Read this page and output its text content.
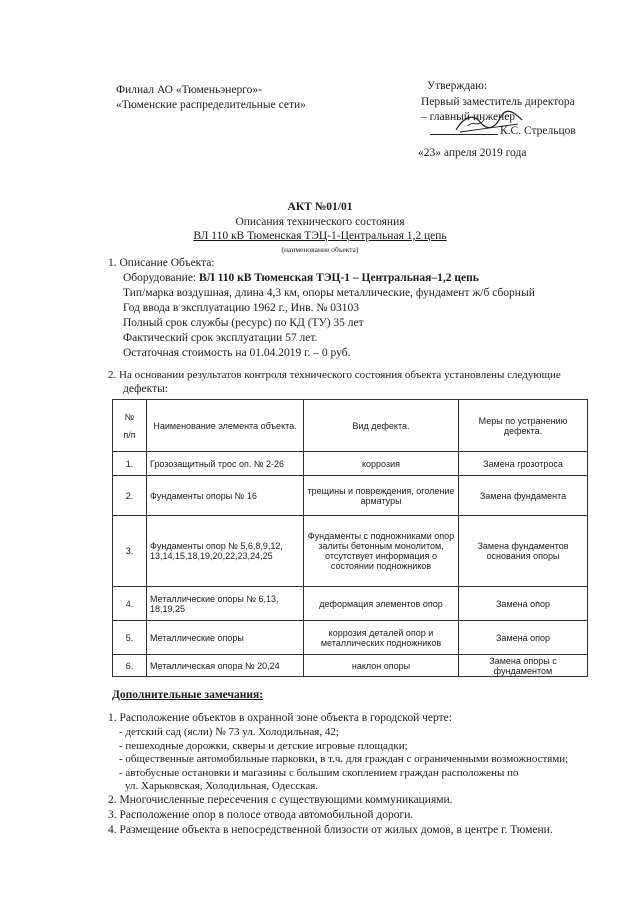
Филиал АО «Тюменьэнерго»-
«Тюменские распределительные сети»
Утверждаю:
Первый заместитель директора
– главный инженер
К.С. Стрельцов
«23» апреля 2019 года
АКТ №01/01
Описания технического состояния
ВЛ 110 кВ Тюменская ТЭЦ-1-Центральная 1,2 цепь
(наименование объекта)
1. Описание Объекта:
Оборудование: ВЛ 110 кВ Тюменская ТЭЦ-1 – Центральная–1,2 цепь
Тип/марка воздушная, длина 4,3 км, опоры металлические, фундамент ж/б сборный
Год ввода в эксплуатацию 1962 г., Инв. № 03103
Полный срок службы (ресурс) по КД (ТУ) 35 лет
Фактический срок эксплуатации 57 лет.
Остаточная стоимость на 01.04.2019 г. – 0 руб.
2. На основании результатов контроля технического состояния объекта установлены следующие
дефекты:
№
п/п	Наименование элемента объекта.	Вид дефекта.	Меры по устранению дефекта.
1.	Грозозащитный трос оп. № 2-26	коррозия	Замена грозотроса
2.	Фундаменты опоры № 16	трещины и повреждения, оголение арматуры	Замена фундамента
3.	Фундаменты опор № 5,6,8,9,12, 13,14,15,18,19,20,22,23,24,25	Фундаменты с подножниками опор залиты бетонным монолитом, отсутствует информация о состоянии подножников	Замена фундаментов основания опоры
4.	Металлические опоры № 6,13, 18,19,25	деформация элементов опор	Замена опор
5.	Металлические опоры	коррозия деталей опор и металлических подножников	Замена опор
6.	Металлическая опора № 20,24	наклон опоры	Замена опоры с фундаментом
Дополнительные замечания:
1. Расположение объектов в охранной зоне объекта в городской черте:
- детский сад (ясли) № 73 ул. Холодильная, 42;
- пешеходные дорожки, скверы и детские игровые площадки;
- общественные автомобильные парковки, в т.ч. для граждан с ограниченными возможностями;
- автобусные остановки и магазины с большим скоплением граждан расположены по
ул. Харьковская, Холодильная, Одесская.
2. Многочисленные пересечения с существующими коммуникациями.
3. Расположение опор в полосе отвода автомобильной дороги.
4. Размещение объекта в непосредственной близости от жилых домов, в центре г. Тюмени.
